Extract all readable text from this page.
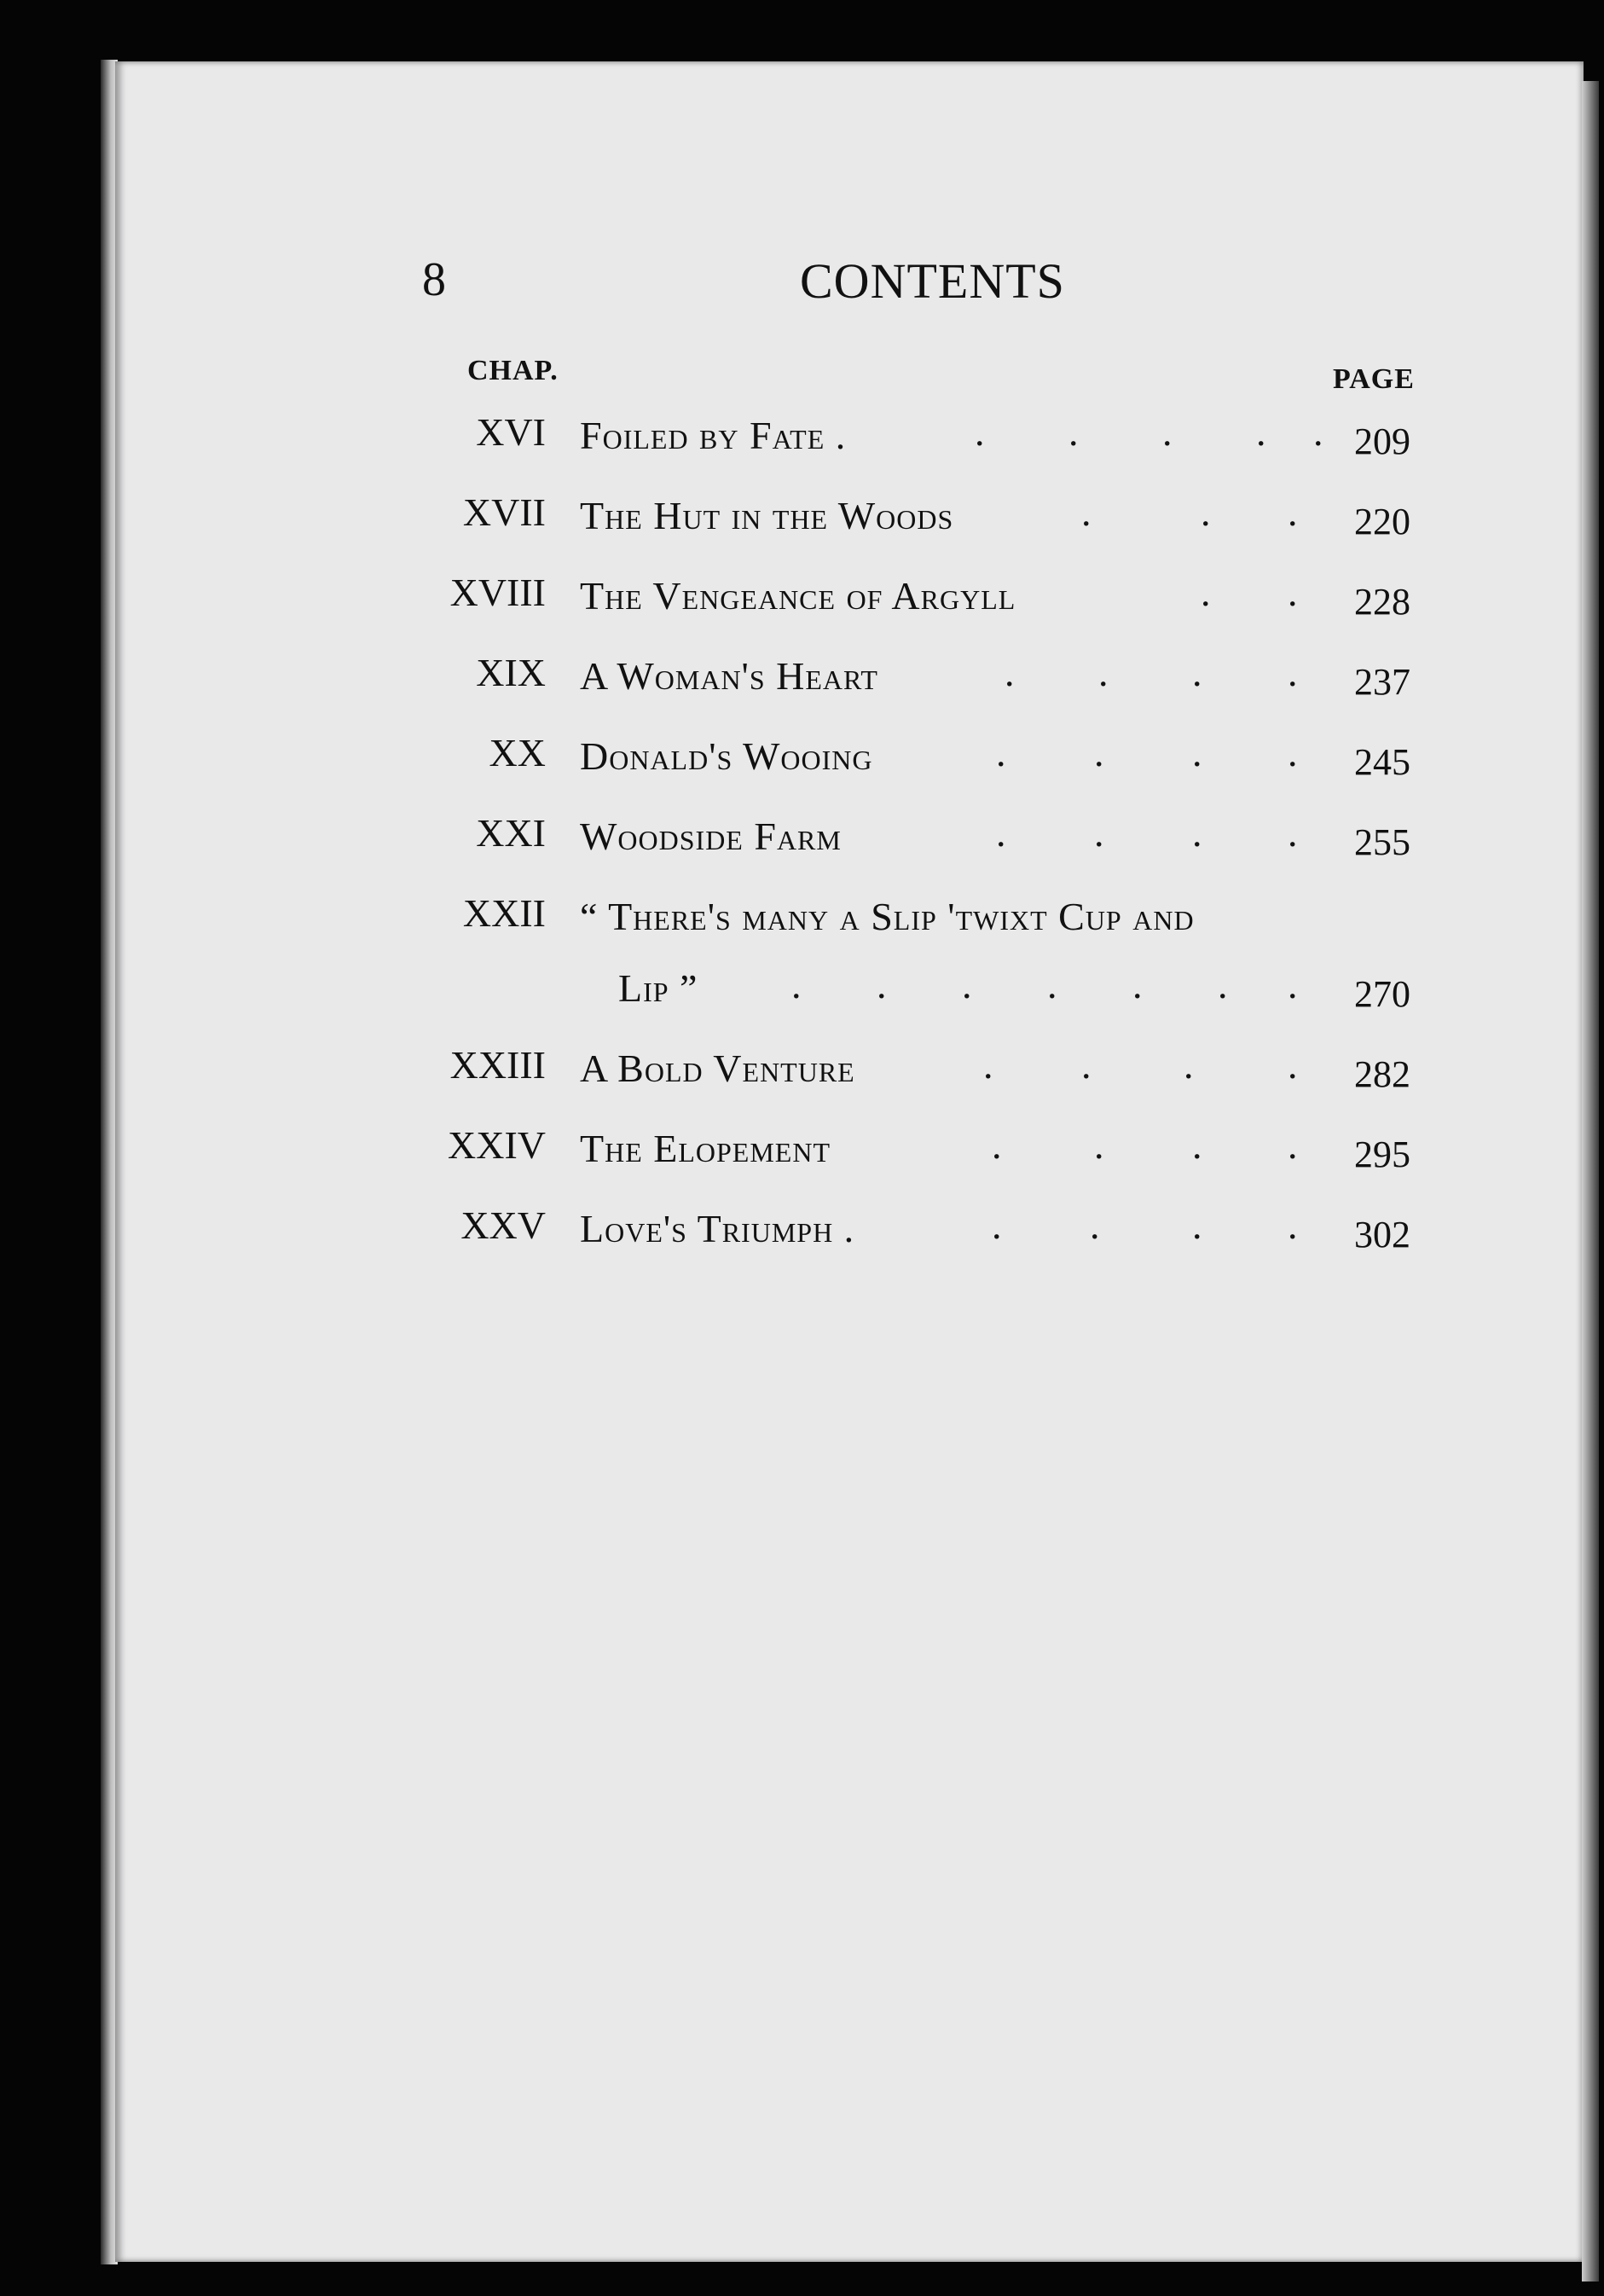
8	CONTENTS
CHAP.	PAGE
XVI Foiled by Fate .	. . . . . 209
XVII The Hut in the Woods	.	. . 220
XVIII The Vengeance of Argyll	. . 228
XIX A Woman's Heart	. . . . 237
XX Donald's Wooing	. . . . 245
XXI Woodside Farm	. . . . 255
XXII “ There's many a Slip 'twixt Cup and
Lip ” . . . . . . . 270
XXIII A Bold Venture	. . . . 282
XXIV The Elopement	. . . . 295
XXV Love's Triumph .	. . . . 302
